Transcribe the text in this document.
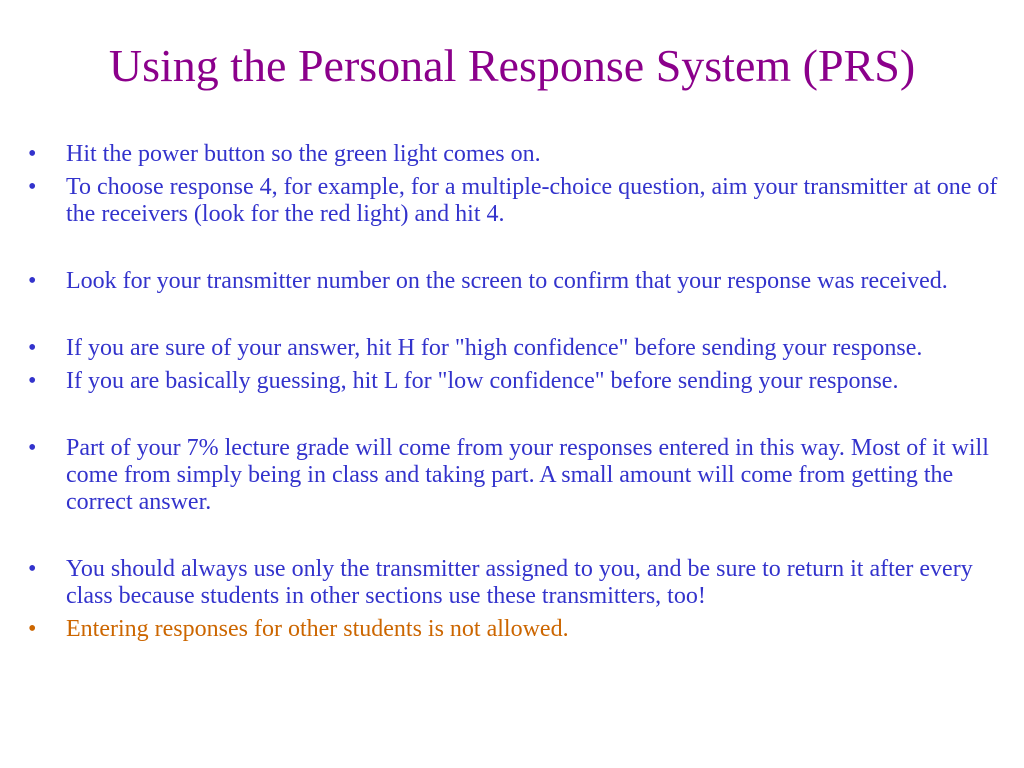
Using the Personal Response System (PRS)
•	Hit the power button so the green light comes on.
•	To choose response 4, for example, for a multiple-choice question, aim your transmitter at one of the receivers (look for the red light) and hit 4.
•	Look for your transmitter number on the screen to confirm that your response was received.
•	If you are sure of your answer, hit H for "high confidence" before sending your response.
•	If you are basically guessing, hit L for "low confidence" before sending your response.
•	Part of your 7% lecture grade will come from your responses entered in this way. Most of it will come from simply being in class and taking part. A small amount will come from getting the correct answer.
•	You should always use only the transmitter assigned to you, and be sure to return it after every class because students in other sections use these transmitters, too!
•	Entering responses for other students is not allowed.
